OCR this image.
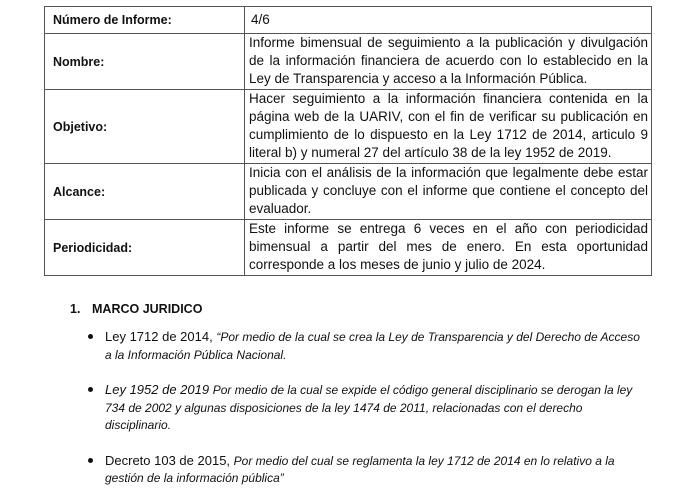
Número de Informe:	4/6
Nombre:	Informe bimensual de seguimiento a la publicación y divulgación de la información financiera de acuerdo con lo establecido en la Ley de Transparencia y acceso a la Información Pública.
Objetivo:	Hacer seguimiento a la información financiera contenida en la página web de la UARIV, con el fin de verificar su publicación en cumplimiento de lo dispuesto en la Ley 1712 de 2014, articulo 9 literal b) y numeral 27 del artículo 38 de la ley 1952 de 2019.
Alcance:	Inicia con el análisis de la información que legalmente debe estar publicada y concluye con el informe que contiene el concepto del evaluador.
Periodicidad:	Este informe se entrega 6 veces en el año con periodicidad bimensual a partir del mes de enero. En esta oportunidad corresponde a los meses de junio y julio de 2024.
1. MARCO JURIDICO
Ley 1712 de 2014, “Por medio de la cual se crea la Ley de Transparencia y del Derecho de Acceso a la Información Pública Nacional.
Ley 1952 de 2019 Por medio de la cual se expide el código general disciplinario se derogan la ley 734 de 2002 y algunas disposiciones de la ley 1474 de 2011, relacionadas con el derecho disciplinario.
Decreto 103 de 2015, Por medio del cual se reglamenta la ley 1712 de 2014 en lo relativo a la gestión de la información pública”
